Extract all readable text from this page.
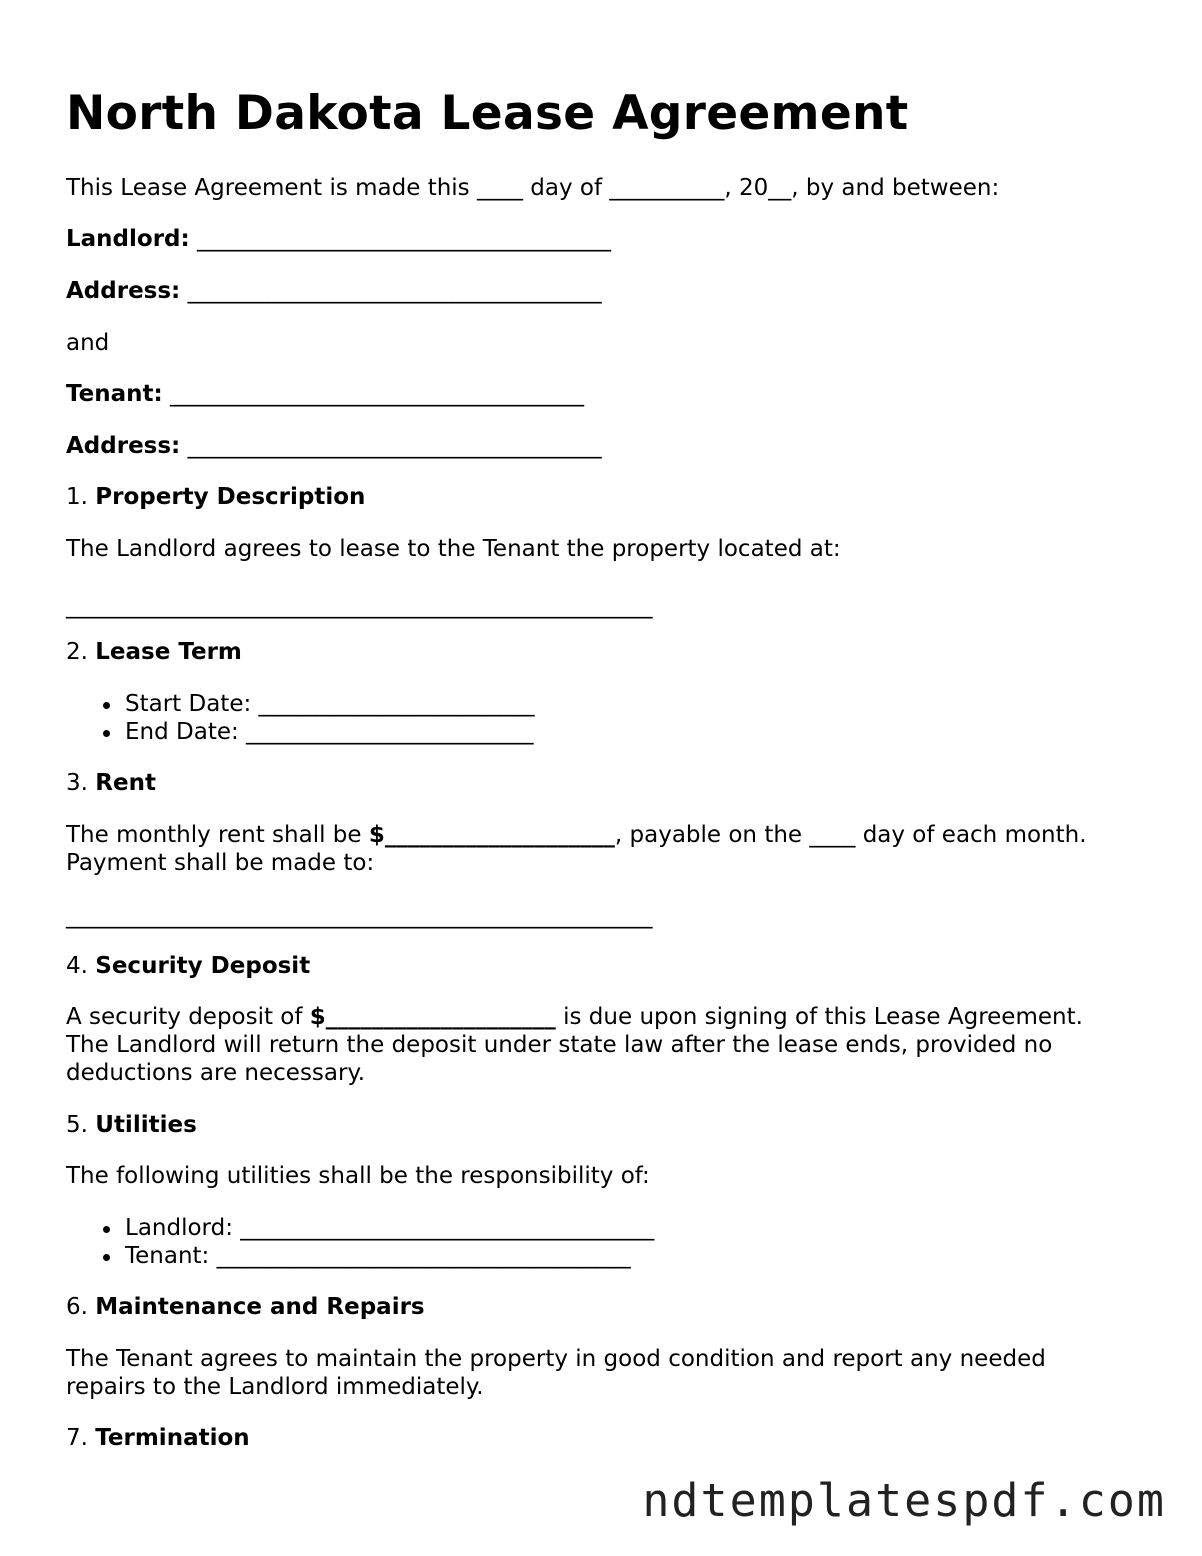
North Dakota Lease Agreement

This Lease Agreement is made this ____ day of __________, 20__, by and between:

Landlord: ____________________________________

Address: ____________________________________

and

Tenant: ____________________________________

Address: ____________________________________

1. Property Description

The Landlord agrees to lease to the Tenant the property located at:

___________________________________________________

2. Lease Term

Start Date: ________________________
End Date: _________________________

3. Rent

The monthly rent shall be $____________________, payable on the ____ day of each month.

Payment shall be made to:

___________________________________________________

4. Security Deposit

A security deposit of $____________________ is due upon signing of this Lease Agreement.

The Landlord will return the deposit under state law after the lease ends, provided no

deductions are necessary.

5. Utilities

The following utilities shall be the responsibility of:

Landlord: ____________________________________
Tenant: ____________________________________

6. Maintenance and Repairs

The Tenant agrees to maintain the property in good condition and report any needed

repairs to the Landlord immediately.

7. Termination

ndtemplatespdf.com
